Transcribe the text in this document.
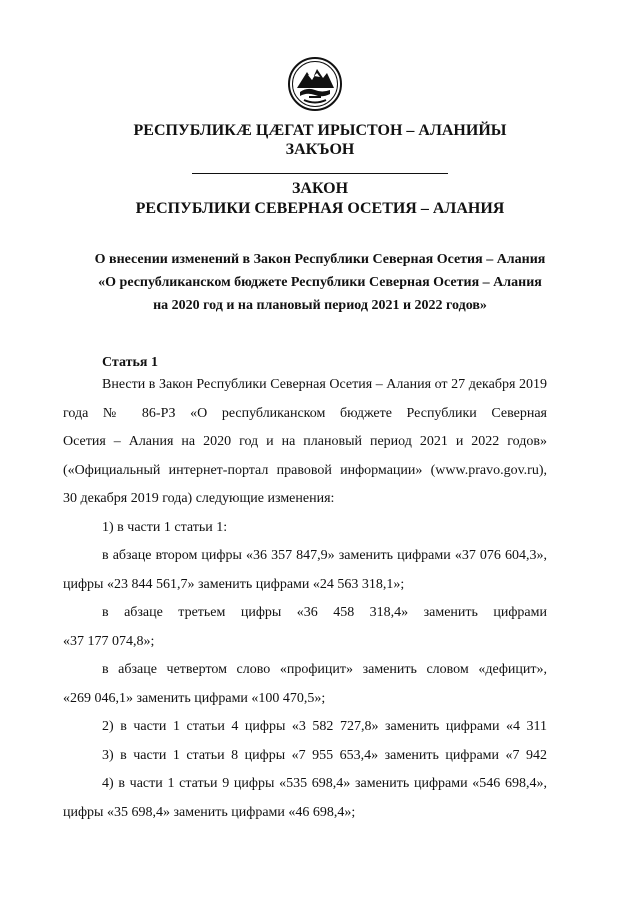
РЕСПУБЛИКӔ ЦӔГАТ ИРЫСТОН – АЛАНИЙЫ
ЗАКЪОН
ЗАКОН
РЕСПУБЛИКИ СЕВЕРНАЯ ОСЕТИЯ – АЛАНИЯ
О внесении изменений в Закон Республики Северная Осетия – Алания
«О республиканском бюджете Республики Северная Осетия – Алания
на 2020 год и на плановый период 2021 и 2022 годов»
Статья 1
Внести в Закон Республики Северная Осетия – Алания от 27 декабря 2019
года № 86-РЗ «О республиканском бюджете Республики Северная
Осетия – Алания на 2020 год и на плановый период 2021 и 2022 годов»
(«Официальный интернет-портал правовой информации» (www.pravo.gov.ru),
30 декабря 2019 года) следующие изменения:
1) в части 1 статьи 1:
в абзаце втором цифры «36 357 847,9» заменить цифрами «37 076 604,3»,
цифры «23 844 561,7» заменить цифрами «24 563 318,1»;
в абзаце третьем цифры «36 458 318,4» заменить цифрами
«37 177 074,8»;
в абзаце четвертом слово «профицит» заменить словом «дефицит»,
«269 046,1» заменить цифрами «100 470,5»;
2) в части 1 статьи 4 цифры «3 582 727,8» заменить цифрами «4 311
3) в части 1 статьи 8 цифры «7 955 653,4» заменить цифрами «7 942
4) в части 1 статьи 9 цифры «535 698,4» заменить цифрами «546 698,4»,
цифры «35 698,4» заменить цифрами «46 698,4»;
